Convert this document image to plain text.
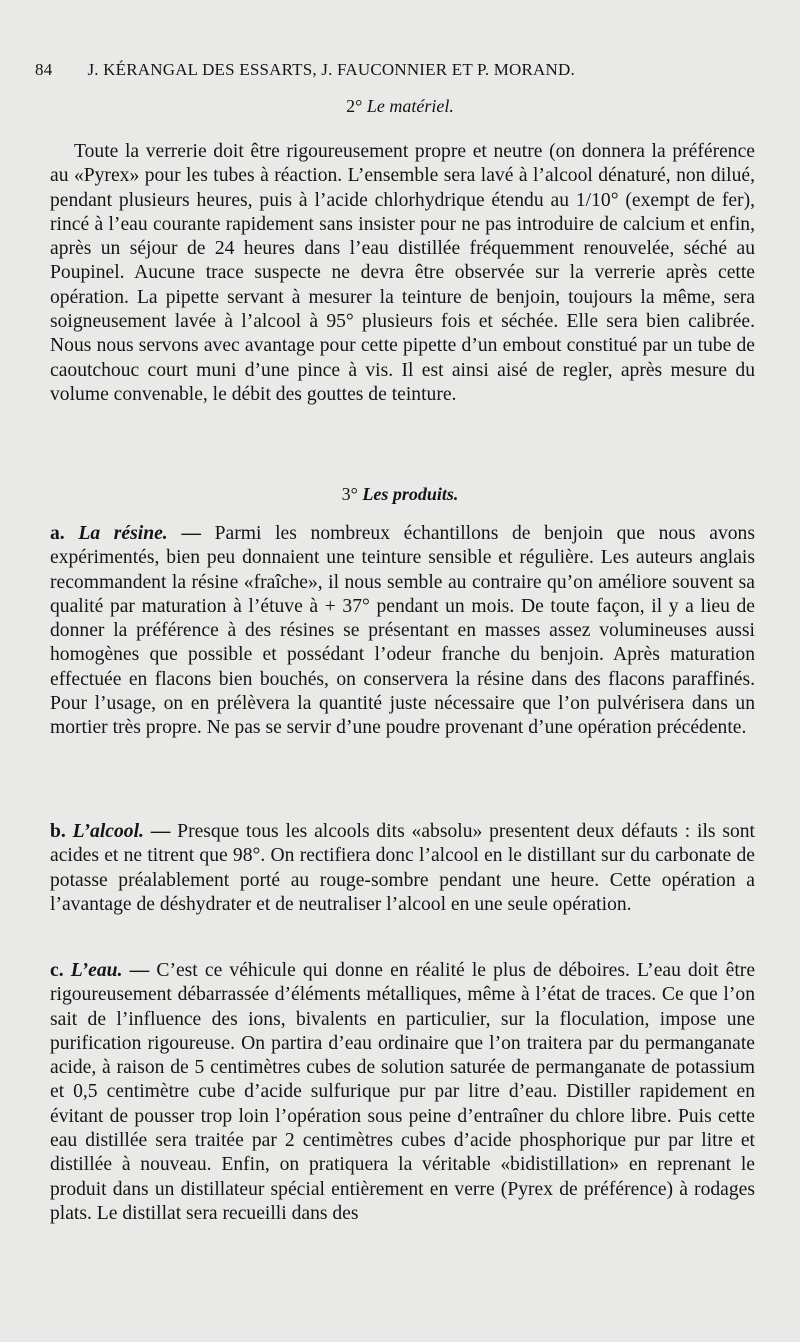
84 J. KÉRANGAL DES ESSARTS, J. FAUCONNIER ET P. MORAND.
2° Le matériel.
Toute la verrerie doit être rigoureusement propre et neutre (on donnera la préférence au «Pyrex» pour les tubes à réaction. L’ensemble sera lavé à l’alcool dénaturé, non dilué, pendant plusieurs heures, puis à l’acide chlorhydrique étendu au 1/10° (exempt de fer), rincé à l’eau courante rapidement sans insister pour ne pas introduire de calcium et enfin, après un séjour de 24 heures dans l’eau distillée fréquemment renouvelée, séché au Poupinel. Aucune trace suspecte ne devra être observée sur la verrerie après cette opération. La pipette servant à mesurer la teinture de benjoin, toujours la même, sera soigneusement lavée à l’alcool à 95° plusieurs fois et séchée. Elle sera bien calibrée. Nous nous servons avec avantage pour cette pipette d’un embout constitué par un tube de caoutchouc court muni d’une pince à vis. Il est ainsi aisé de regler, après mesure du volume convenable, le débit des gouttes de teinture.
3° Les produits.
a. La résine. — Parmi les nombreux échantillons de benjoin que nous avons expérimentés, bien peu donnaient une teinture sensible et régulière. Les auteurs anglais recommandent la résine «fraîche», il nous semble au contraire qu’on améliore souvent sa qualité par maturation à l’étuve à + 37° pendant un mois. De toute façon, il y a lieu de donner la préférence à des résines se présentant en masses assez volumineuses aussi homogènes que possible et possédant l’odeur franche du benjoin. Après maturation effectuée en flacons bien bouchés, on conservera la résine dans des flacons paraffinés. Pour l’usage, on en prélèvera la quantité juste nécessaire que l’on pulvérisera dans un mortier très propre. Ne pas se servir d’une poudre provenant d’une opération précédente.
b. L’alcool. — Presque tous les alcools dits «absolu» presentent deux défauts : ils sont acides et ne titrent que 98°. On rectifiera donc l’alcool en le distillant sur du carbonate de potasse préalablement porté au rouge-sombre pendant une heure. Cette opération a l’avantage de déshydrater et de neutraliser l’alcool en une seule opération.
c. L’eau. — C’est ce véhicule qui donne en réalité le plus de déboires. L’eau doit être rigoureusement débarrassée d’éléments métalliques, même à l’état de traces. Ce que l’on sait de l’influence des ions, bivalents en particulier, sur la floculation, impose une purification rigoureuse. On partira d’eau ordinaire que l’on traitera par du permanganate acide, à raison de 5 centimètres cubes de solution saturée de permanganate de potassium et 0,5 centimètre cube d’acide sulfurique pur par litre d’eau. Distiller rapidement en évitant de pousser trop loin l’opération sous peine d’entraîner du chlore libre. Puis cette eau distillée sera traitée par 2 centimètres cubes d’acide phosphorique pur par litre et distillée à nouveau. Enfin, on pratiquera la véritable «bidistillation» en reprenant le produit dans un distillateur spécial entièrement en verre (Pyrex de préférence) à rodages plats. Le distillat sera recueilli dans des
